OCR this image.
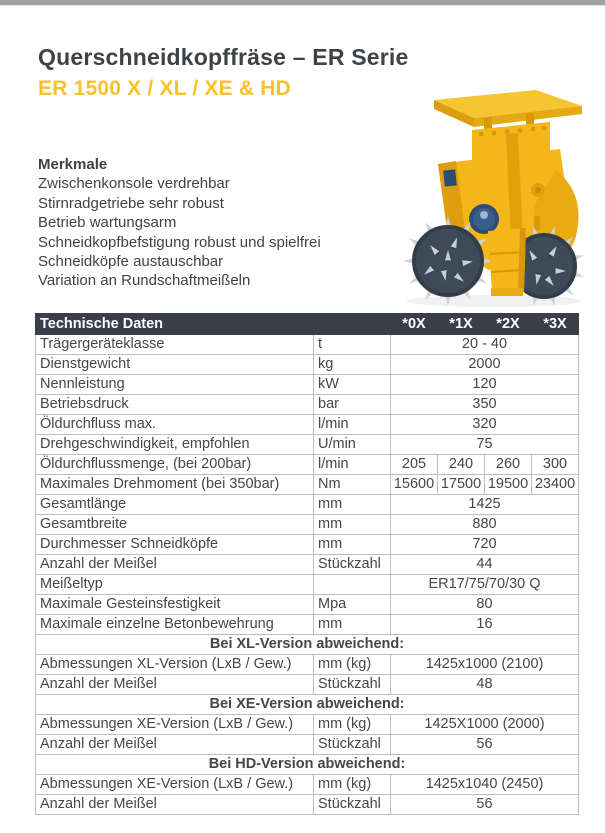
Querschneidkopffräse – ER Serie
ER 1500 X / XL / XE & HD
Merkmale
Zwischenkonsole verdrehbar
Stirnradgetriebe sehr robust
Betrieb wartungsarm
Schneidkopfbefstigung robust und spielfrei
Schneidköpfe austauschbar
Variation an Rundschaftmeißeln
Technische Daten		*0X	*1X	*2X	*3X
Trägergeräteklasse	t	20 - 40			
Dienstgewicht	kg	2000			
Nennleistung	kW	120			
Betriebsdruck	bar	350			
Öldurchfluss max.	l/min	320			
Drehgeschwindigkeit, empfohlen	U/min	75			
Öldurchflussmenge, (bei 200bar)	l/min	205	240	260	300
Maximales Drehmoment (bei 350bar)	Nm	15600	17500	19500	23400
Gesamtlänge	mm	1425			
Gesamtbreite	mm	880			
Durchmesser Schneidköpfe	mm	720			
Anzahl der Meißel	Stückzahl	44			
Meißeltyp		ER17/75/70/30 Q			
Maximale Gesteinsfestigkeit	Mpa	80			
Maximale einzelne Betonbewehrung	mm	16			
Bei XL-Version abweichend:					
Abmessungen XL-Version (LxB / Gew.)	mm (kg)	1425x1000 (2100)			
Anzahl der Meißel	Stückzahl	48			
Bei XE-Version abweichend:					
Abmessungen XE-Version (LxB / Gew.)	mm (kg)	1425X1000 (2000)			
Anzahl der Meißel	Stückzahl	56			
Bei HD-Version abweichend:					
Abmessungen XE-Version (LxB / Gew.)	mm (kg)	1425x1040 (2450)			
Anzahl der Meißel	Stückzahl	56			
